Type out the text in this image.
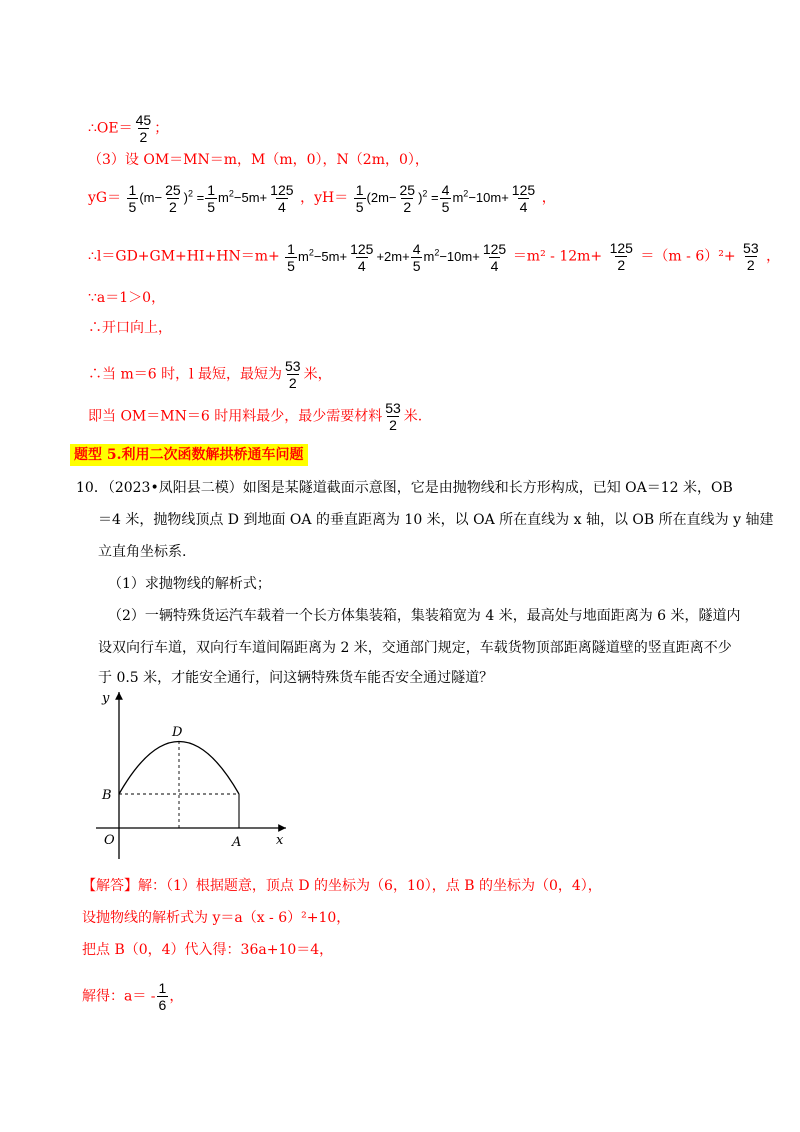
∴OE＝ $\frac{45}{2}$ ；
（3）设 OM＝MN＝m，M（m，0），N（2m，0），
$yG= \frac{1}{5} (m- \frac{25}{2} )^2 = \frac{1}{5} m^2-5m+ \frac{125}{4}$ ，$yH= \frac{1}{5} (2m- \frac{25}{2} )^2 = \frac{4}{5} m^2-10m+ \frac{125}{4}$ ，
∴l＝GD+GM+HI+HN＝m+ $\frac{1}{5} m^2-5m+ \frac{125}{4} +2m+ \frac{4}{5} m^2-10m+ \frac{125}{4} =m^2$ ‑ $12m+ \frac{125}{2} =(m$ ‑ $6)^2+ \frac{53}{2}$ ，
∵a＝1＞0，
∴开口向上，
∴当 m＝6 时，l 最短，最短为 $\frac{53}{2}$ 米，
即当 OM＝MN＝6 时用料最少，最少需要材料 $\frac{53}{2}$ 米.
题型 5.利用二次函数解拱桥通车问题
10．（2023•凤阳县二模）如图是某隧道截面示意图，它是由抛物线和长方形构成，已知 OA＝12 米，OB
＝4 米，抛物线顶点 D 到地面 OA 的垂直距离为 10 米，以 OA 所在直线为 x 轴，以 OB 所在直线为 y 轴建
立直角坐标系.
（1）求抛物线的解析式；
（2）一辆特殊货运汽车载着一个长方体集装箱，集装箱宽为 4 米，最高处与地面距离为 6 米，隧道内
设双向行车道，双向行车道间隔距离为 2 米，交通部门规定，车载货物顶部距离隧道壁的竖直距离不少
于 0.5 米，才能安全通行，问这辆特殊货车能否安全通过隧道？
y
x
O	A
B
D
【解答】解：（1）根据题意，顶点 D 的坐标为（6，10），点 B 的坐标为（0，4），
设抛物线的解析式为 y＝a（x ‑ 6）²+10，
把点 B（0，4）代入得：36a+10＝4，
解得：a＝ ‑ $\frac{1}{6}$ ，
